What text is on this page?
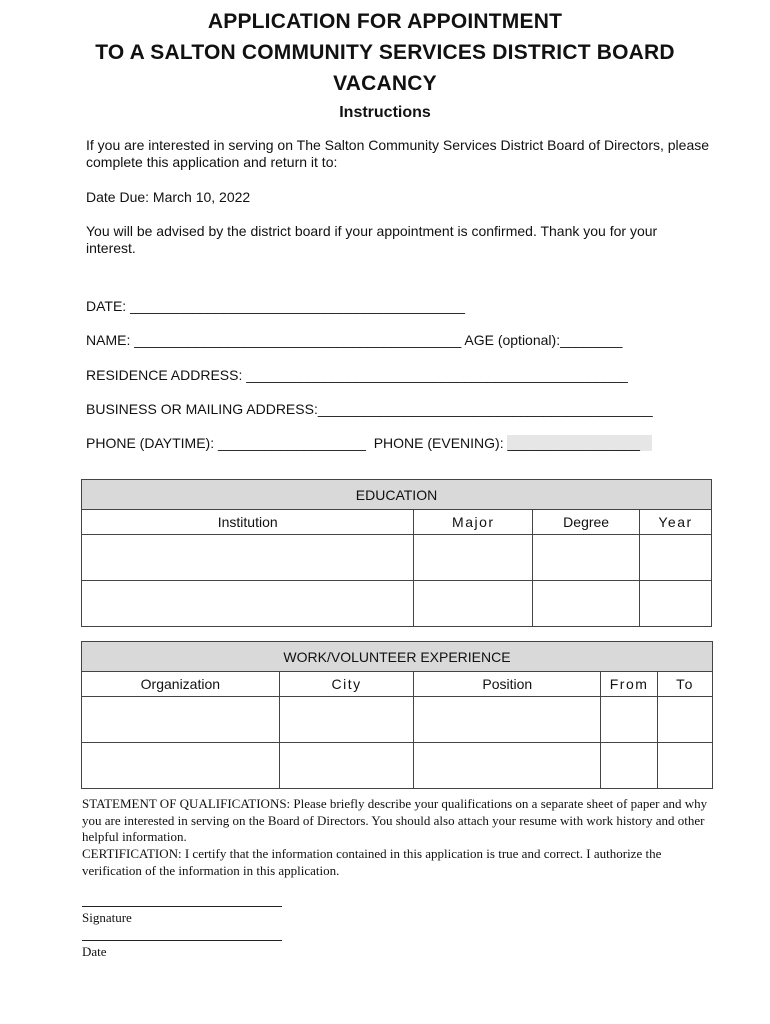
APPLICATION FOR APPOINTMENT
TO A SALTON COMMUNITY SERVICES DISTRICT BOARD
VACANCY
Instructions
If you are interested in serving on The Salton Community Services District Board of Directors, please complete this application and return it to:
Date Due: March 10, 2022
You will be advised by the district board if your appointment is confirmed. Thank you for your interest.
DATE: ___________________________________________
NAME: __________________________________________ AGE (optional):________
RESIDENCE ADDRESS: _________________________________________________
BUSINESS OR MAILING ADDRESS:___________________________________________
PHONE (DAYTIME): ___________________ PHONE (EVENING): _________________
EDUCATION			
Institution	Major	Degree	Year

WORK/VOLUNTEER EXPERIENCE				
Organization	City	Position	From	To

STATEMENT OF QUALIFICATIONS: Please briefly describe your qualifications on a separate sheet of paper and why you are interested in serving on the Board of Directors. You should also attach your resume with work history and other helpful information.
CERTIFICATION: I certify that the information contained in this application is true and correct. I authorize the verification of the information in this application.
Signature
Date
